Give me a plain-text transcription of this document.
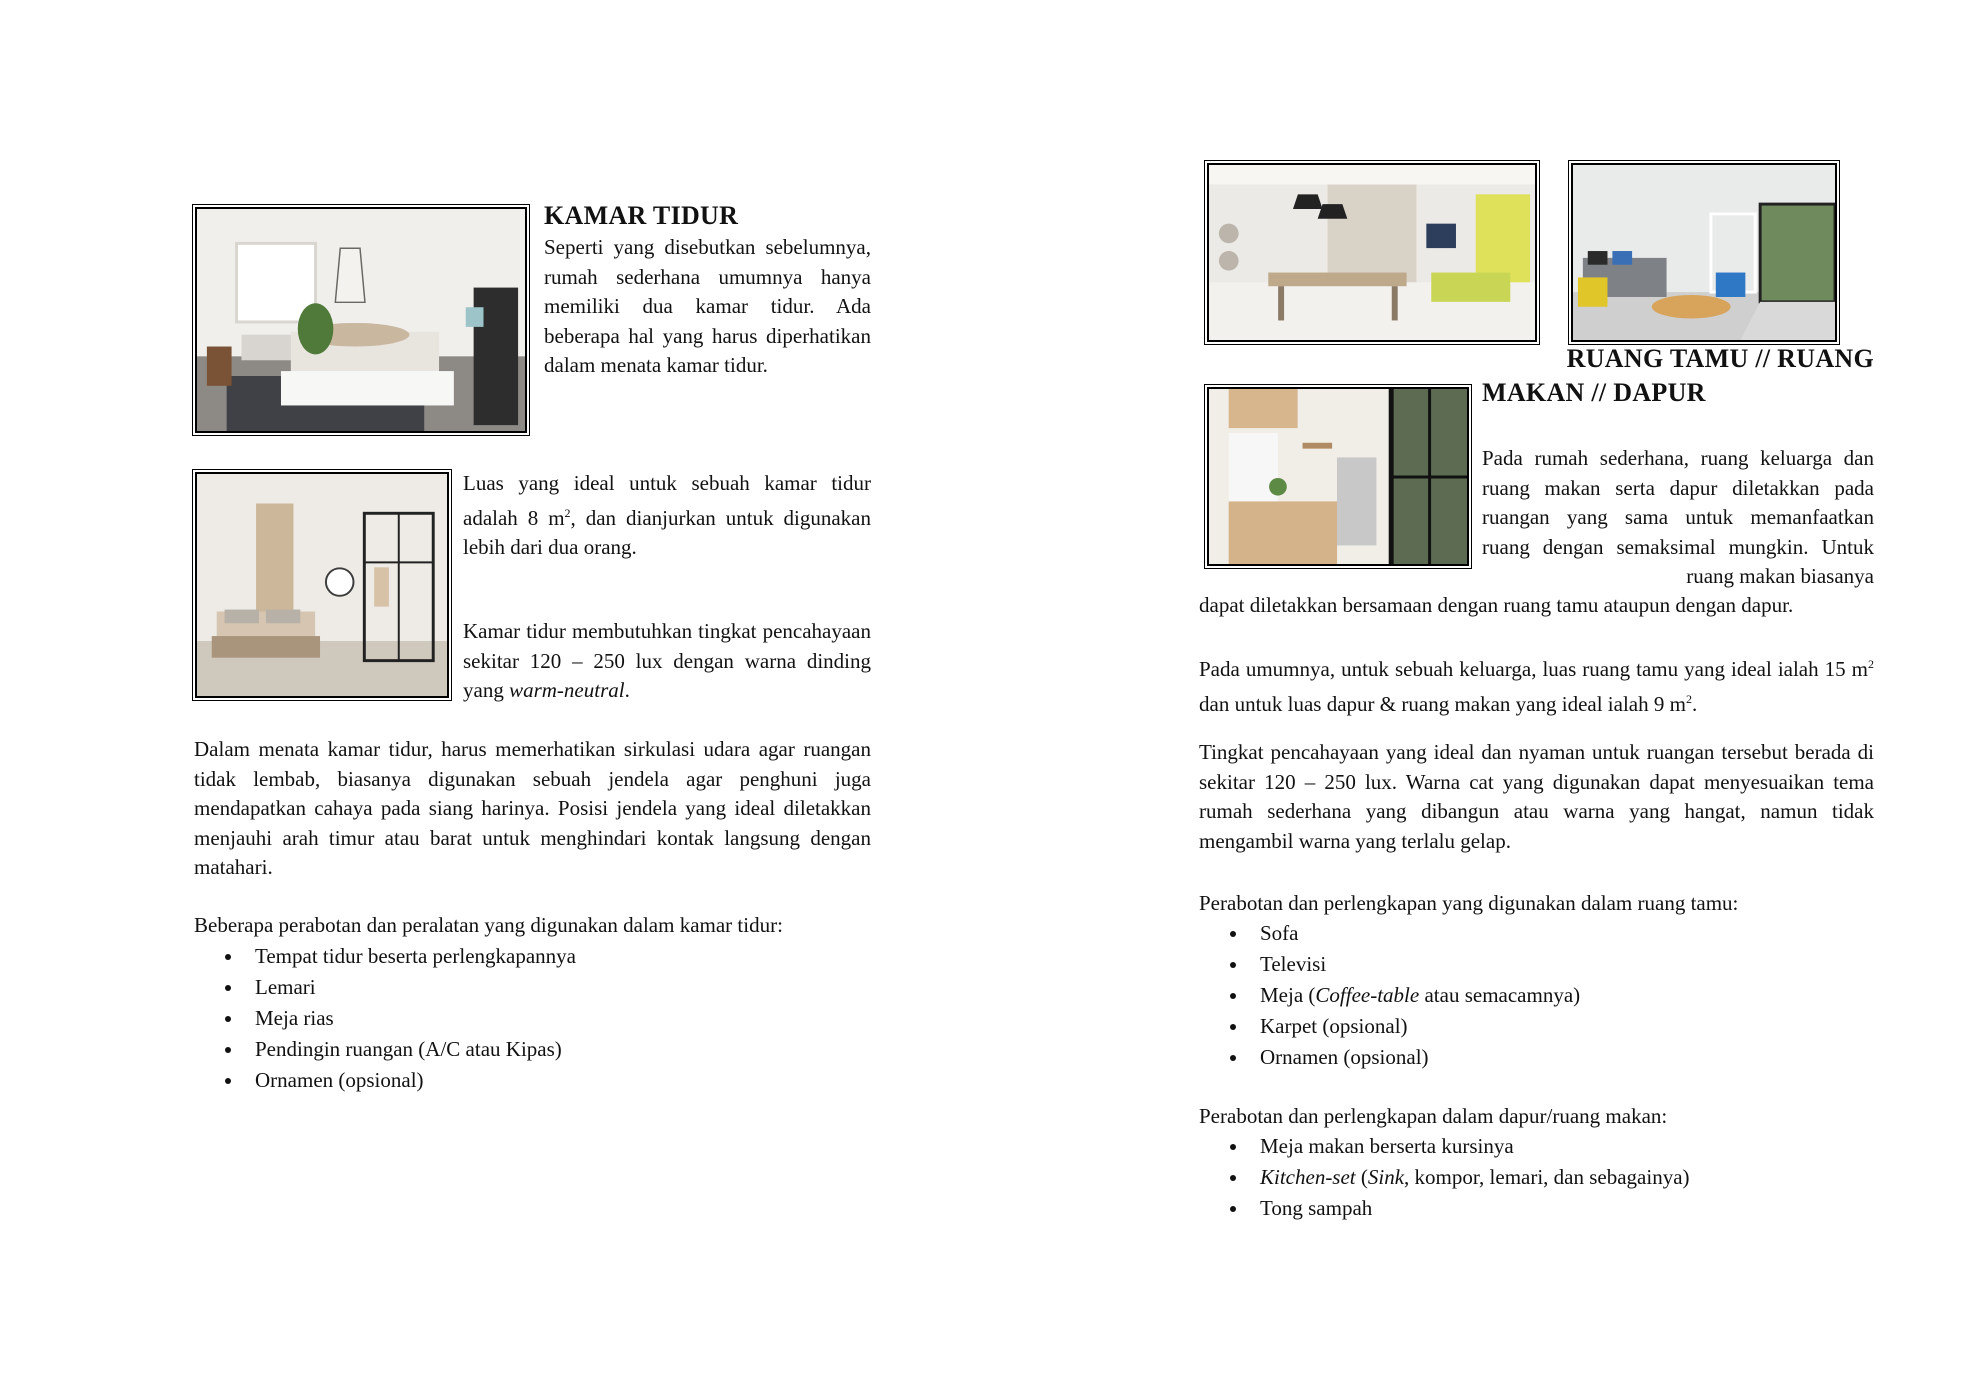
KAMAR TIDUR

Seperti yang disebutkan sebelumnya, rumah sederhana umumnya hanya memiliki dua kamar tidur. Ada beberapa hal yang harus diperhatikan dalam menata kamar tidur.

Luas yang ideal untuk sebuah kamar tidur adalah 8 $m^2$, dan dianjurkan untuk digunakan lebih dari dua orang.

Kamar tidur membutuhkan tingkat pencahayaan sekitar 120 – 250 lux dengan warna dinding yang warm-neutral.

Dalam menata kamar tidur, harus memerhatikan sirkulasi udara agar ruangan tidak lembab, biasanya digunakan sebuah jendela agar penghuni juga mendapatkan cahaya pada siang harinya. Posisi jendela yang ideal diletakkan menjauhi arah timur atau barat untuk menghindari kontak langsung dengan matahari.

Beberapa perabotan dan peralatan yang digunakan dalam kamar tidur:

Tempat tidur beserta perlengkapannya
Lemari
Meja rias
Pendingin ruangan (A/C atau Kipas)
Ornamen (opsional)
RUANG TAMU // RUANG
MAKAN // DAPUR

Pada rumah sederhana, ruang keluarga dan ruang makan serta dapur diletakkan pada ruangan yang sama untuk memanfaatkan ruang dengan semaksimal mungkin. Untuk ruang makan biasanya

dapat diletakkan bersamaan dengan ruang tamu ataupun dengan dapur.

Pada umumnya, untuk sebuah keluarga, luas ruang tamu yang ideal ialah 15 $m^2$ dan untuk luas dapur & ruang makan yang ideal ialah 9 $m^2$.

Tingkat pencahayaan yang ideal dan nyaman untuk ruangan tersebut berada di sekitar 120 – 250 lux. Warna cat yang digunakan dapat menyesuaikan tema rumah sederhana yang dibangun atau warna yang hangat, namun tidak mengambil warna yang terlalu gelap.

Perabotan dan perlengkapan yang digunakan dalam ruang tamu:

Sofa
Televisi
Meja (Coffee-table atau semacamnya)
Karpet (opsional)
Ornamen (opsional)

Perabotan dan perlengkapan dalam dapur/ruang makan:

Meja makan berserta kursinya
Kitchen-set (Sink, kompor, lemari, dan sebagainya)
Tong sampah
